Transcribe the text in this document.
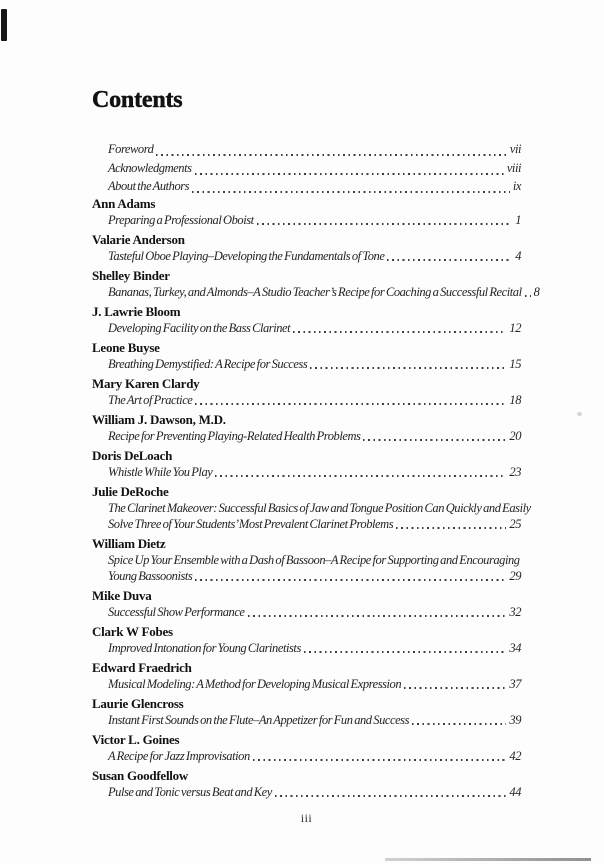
Contents
Foreword	vii
Acknowledgments	viii
About the Authors	ix
Ann Adams
Preparing a Professional Oboist	1
Valarie Anderson
Tasteful Oboe Playing–Developing the Fundamentals of Tone	4
Shelley Binder
Bananas, Turkey, and Almonds–A Studio Teacher’s Recipe for Coaching a Successful Recital 8
J. Lawrie Bloom
Developing Facility on the Bass Clarinet	12
Leone Buyse
Breathing Demystified: A Recipe for Success	15
Mary Karen Clardy
The Art of Practice	18
William J. Dawson, M.D.
Recipe for Preventing Playing-Related Health Problems	20
Doris DeLoach
Whistle While You Play	23
Julie DeRoche
The Clarinet Makeover: Successful Basics of Jaw and Tongue Position Can Quickly and Easily
Solve Three of Your Students’ Most Prevalent Clarinet Problems	25
William Dietz
Spice Up Your Ensemble with a Dash of Bassoon–A Recipe for Supporting and Encouraging
Young Bassoonists	29
Mike Duva
Successful Show Performance	32
Clark W Fobes
Improved Intonation for Young Clarinetists	34
Edward Fraedrich
Musical Modeling: A Method for Developing Musical Expression	37
Laurie Glencross
Instant First Sounds on the Flute–An Appetizer for Fun and Success	39
Victor L. Goines
A Recipe for Jazz Improvisation	42
Susan Goodfellow
Pulse and Tonic versus Beat and Key	44
iii
